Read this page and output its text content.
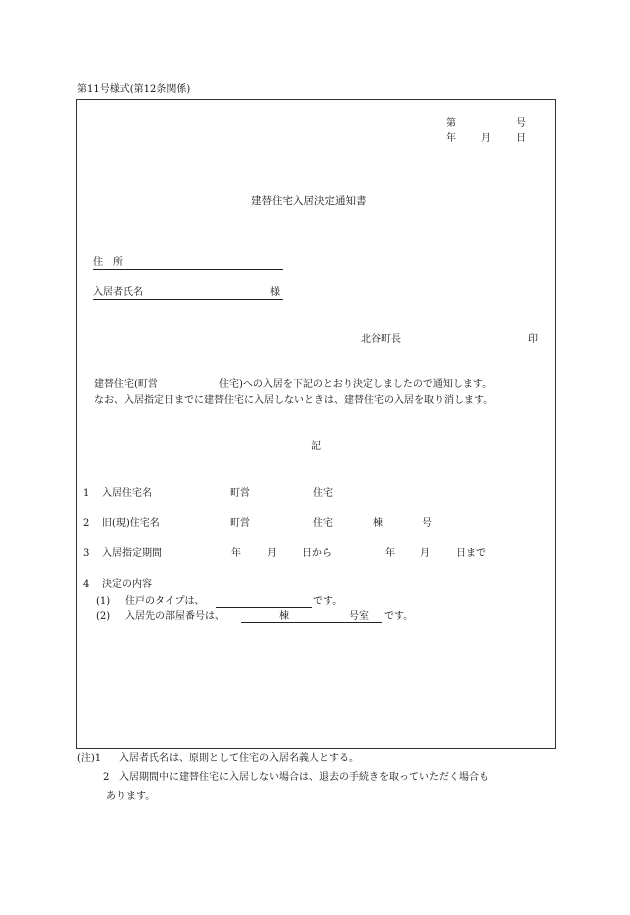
第11号様式(第12条関係)
第	号
年	月	日
建替住宅入居決定通知書
住　所
入居者氏名	様
北谷町長	印
建替住宅(町営	住宅)への入居を下記のとおり決定しましたので通知します。
なお、入居指定日までに建替住宅に入居しないときは、建替住宅の入居を取り消します。
記
1 入居住宅名	町営	住宅
2 旧(現)住宅名	町営	住宅	棟	号
3 入居指定期間	年	月	日から	年	月	日まで
4 決定の内容
(1) 住戸のタイプは、	です。
(2) 入居先の部屋番号は、	棟	号室 です。
(注)1 入居者氏名は、原則として住宅の入居名義人とする。
2 入居期間中に建替住宅に入居しない場合は、退去の手続きを取っていただく場合も
あります。
